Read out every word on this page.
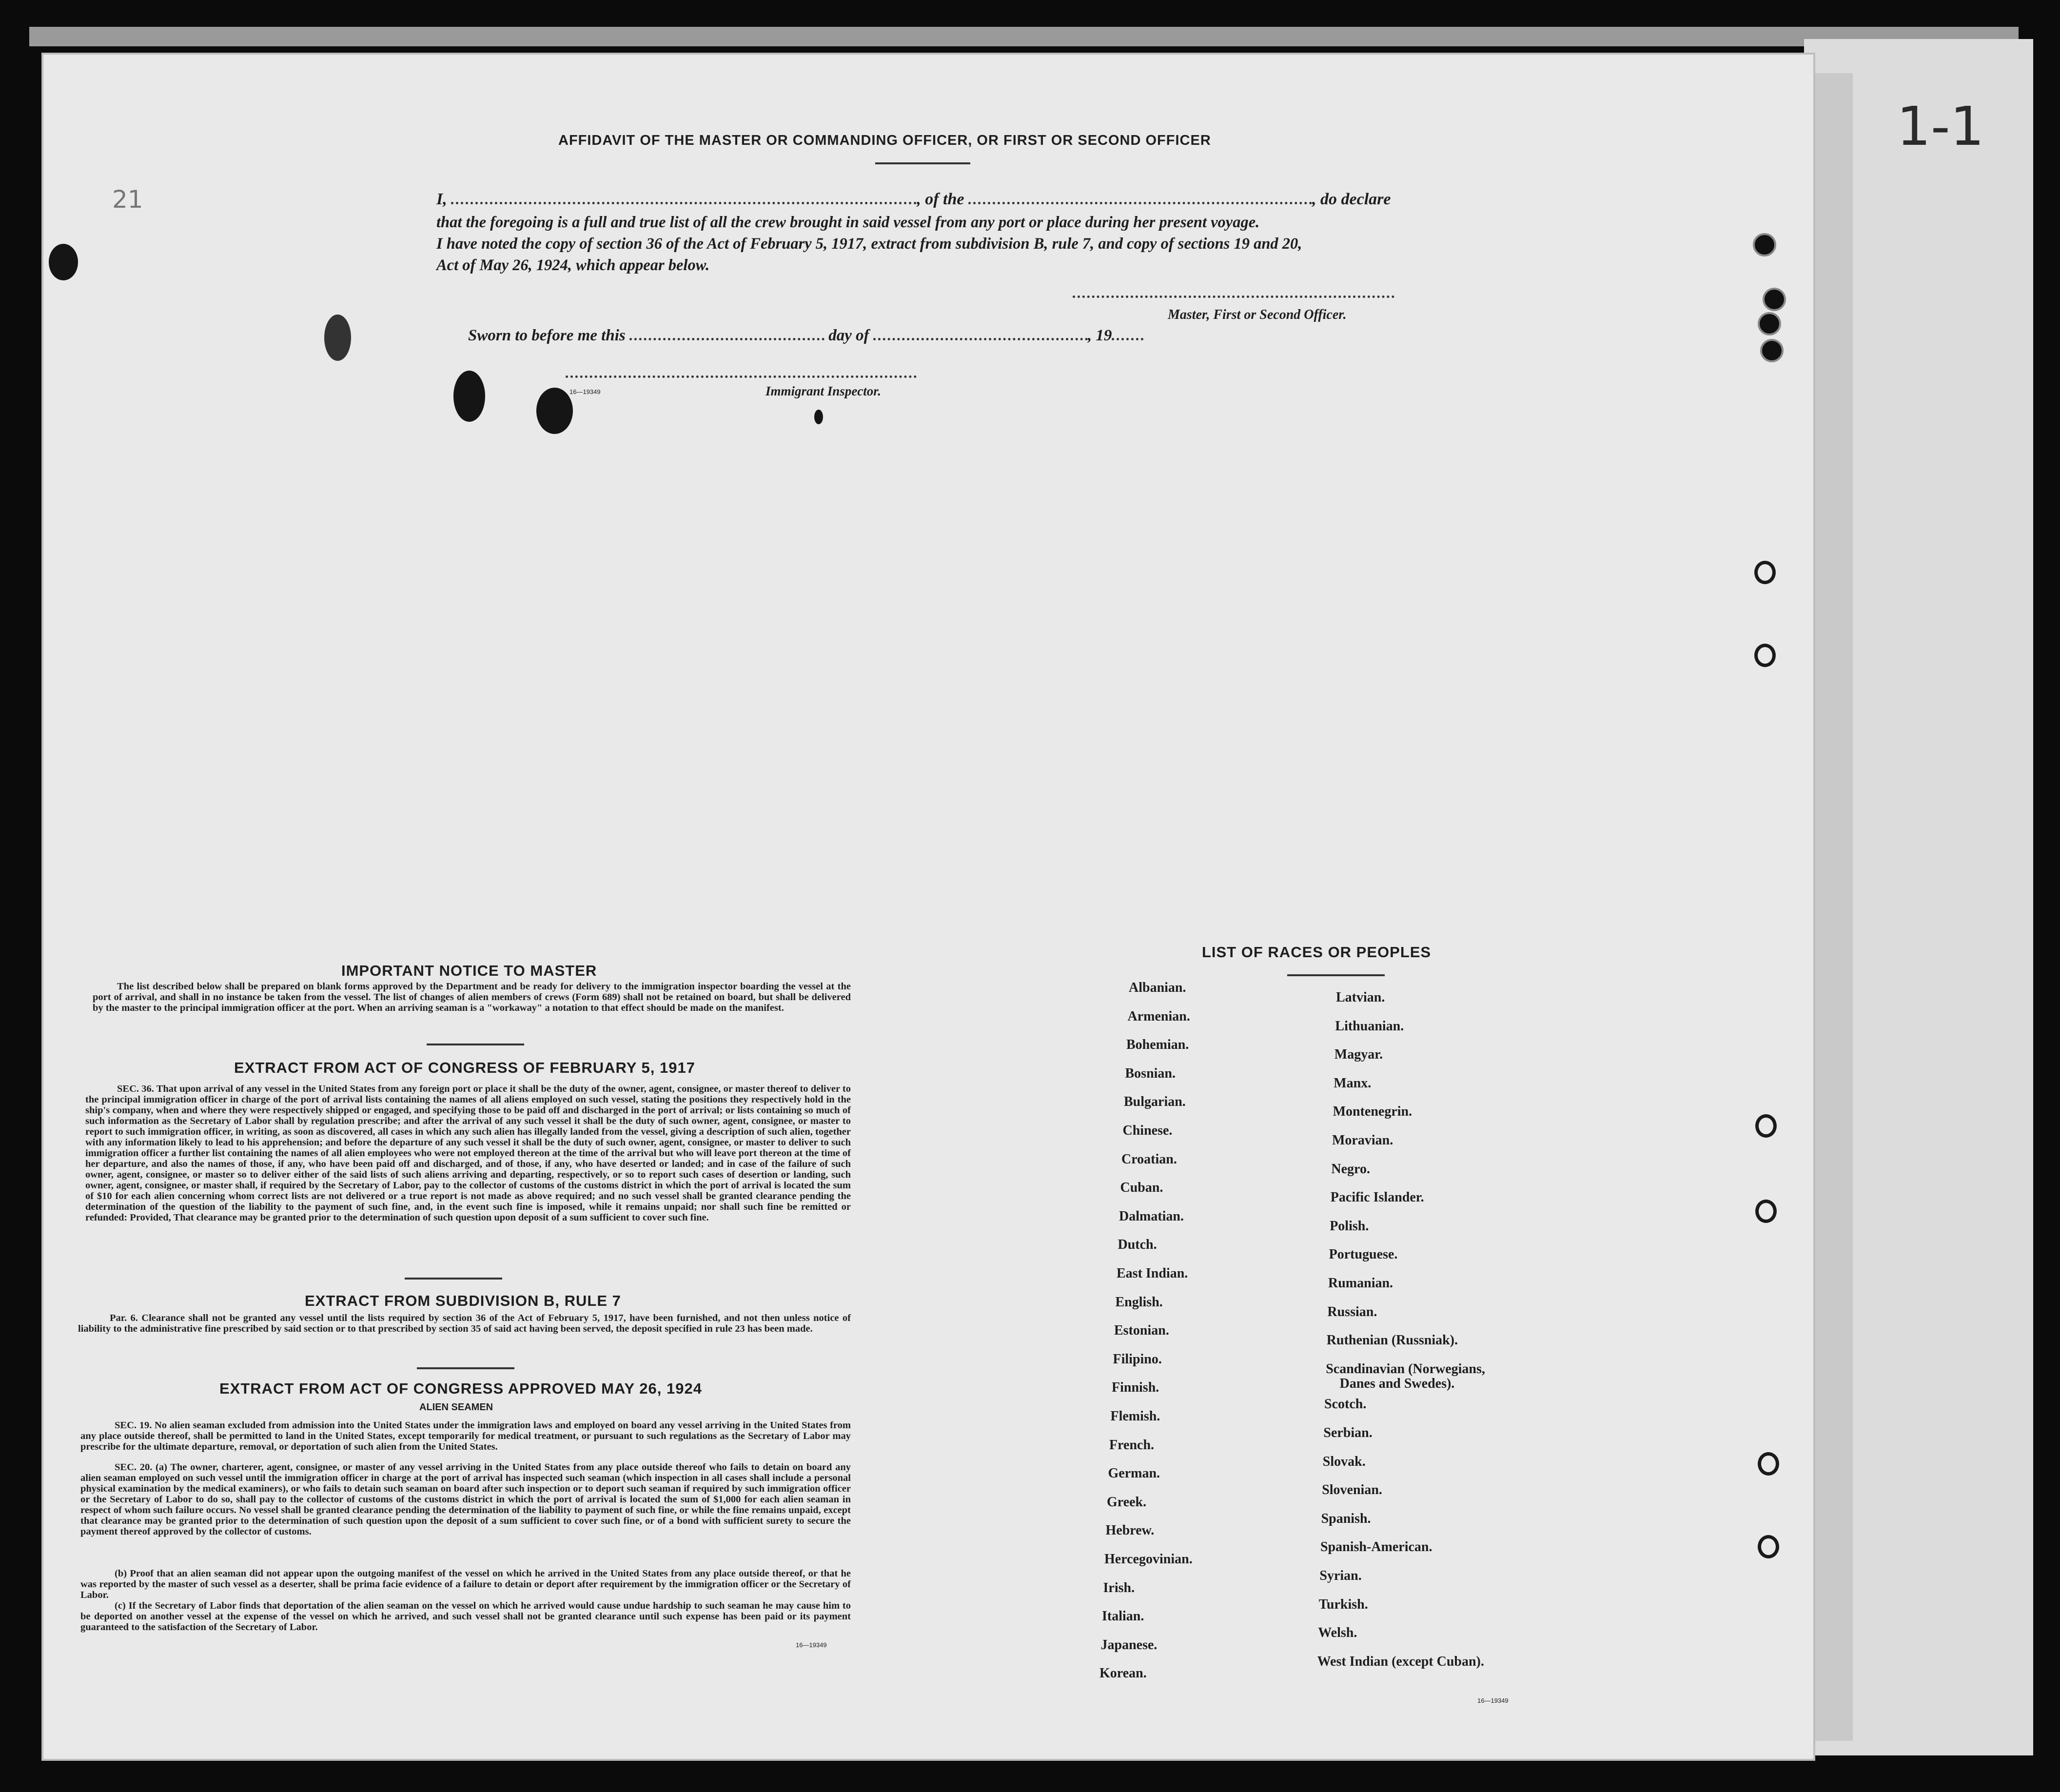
1-1
21
AFFIDAVIT OF THE MASTER OR COMMANDING OFFICER, OR FIRST OR SECOND OFFICER
I,	, of the	, do declare
that the foregoing is a full and true list of all the crew brought in said vessel from any port or place during her present voyage.
I have noted the copy of section 36 of the Act of February 5, 1917, extract from subdivision B, rule 7, and copy of sections 19 and 20,
Act of May 26, 1924, which appear below.
Master, First or Second Officer.
Sworn to before me this	day of	, 19
16—19349	Immigrant Inspector.
IMPORTANT NOTICE TO MASTER
The list described below shall be prepared on blank forms approved by the Department and be ready for delivery to the immigration inspector boarding the vessel at the port of arrival, and shall in no instance be taken from the vessel. The list of changes of alien members of crews (Form 689) shall not be retained on board, but shall be delivered by the master to the principal immigration officer at the port. When an arriving seaman is a "workaway" a notation to that effect should be made on the manifest.
EXTRACT FROM ACT OF CONGRESS OF FEBRUARY 5, 1917
SEC. 36. That upon arrival of any vessel in the United States from any foreign port or place it shall be the duty of the owner, agent, consignee, or master thereof to deliver to the principal immigration officer in charge of the port of arrival lists containing the names of all aliens employed on such vessel, stating the positions they respectively hold in the ship's company, when and where they were respectively shipped or engaged, and specifying those to be paid off and discharged in the port of arrival; or lists containing so much of such information as the Secretary of Labor shall by regulation prescribe; and after the arrival of any such vessel it shall be the duty of such owner, agent, consignee, or master to report to such immigration officer, in writing, as soon as discovered, all cases in which any such alien has illegally landed from the vessel, giving a description of such alien, together with any information likely to lead to his apprehension; and before the departure of any such vessel it shall be the duty of such owner, agent, consignee, or master to deliver to such immigration officer a further list containing the names of all alien employees who were not employed thereon at the time of the arrival but who will leave port thereon at the time of her departure, and also the names of those, if any, who have been paid off and discharged, and of those, if any, who have deserted or landed; and in case of the failure of such owner, agent, consignee, or master so to deliver either of the said lists of such aliens arriving and departing, respectively, or so to report such cases of desertion or landing, such owner, agent, consignee, or master shall, if required by the Secretary of Labor, pay to the collector of customs of the customs district in which the port of arrival is located the sum of $10 for each alien concerning whom correct lists are not delivered or a true report is not made as above required; and no such vessel shall be granted clearance pending the determination of the question of the liability to the payment of such fine, and, in the event such fine is imposed, while it remains unpaid; nor shall such fine be remitted or refunded: Provided, That clearance may be granted prior to the determination of such question upon deposit of a sum sufficient to cover such fine.
EXTRACT FROM SUBDIVISION B, RULE 7
Par. 6. Clearance shall not be granted any vessel until the lists required by section 36 of the Act of February 5, 1917, have been furnished, and not then unless notice of liability to the administrative fine prescribed by said section or to that prescribed by section 35 of said act having been served, the deposit specified in rule 23 has been made.
EXTRACT FROM ACT OF CONGRESS APPROVED MAY 26, 1924
ALIEN SEAMEN
SEC. 19. No alien seaman excluded from admission into the United States under the immigration laws and employed on board any vessel arriving in the United States from any place outside thereof, shall be permitted to land in the United States, except temporarily for medical treatment, or pursuant to such regulations as the Secretary of Labor may prescribe for the ultimate departure, removal, or deportation of such alien from the United States.
SEC. 20. (a) The owner, charterer, agent, consignee, or master of any vessel arriving in the United States from any place outside thereof who fails to detain on board any alien seaman employed on such vessel until the immigration officer in charge at the port of arrival has inspected such seaman (which inspection in all cases shall include a personal physical examination by the medical examiners), or who fails to detain such seaman on board after such inspection or to deport such seaman if required by such immigration officer or the Secretary of Labor to do so, shall pay to the collector of customs of the customs district in which the port of arrival is located the sum of $1,000 for each alien seaman in respect of whom such failure occurs. No vessel shall be granted clearance pending the determination of the liability to payment of such fine, or while the fine remains unpaid, except that clearance may be granted prior to the determination of such question upon the deposit of a sum sufficient to cover such fine, or of a bond with sufficient surety to secure the payment thereof approved by the collector of customs.
(b) Proof that an alien seaman did not appear upon the outgoing manifest of the vessel on which he arrived in the United States from any place outside thereof, or that he was reported by the master of such vessel as a deserter, shall be prima facie evidence of a failure to detain or deport after requirement by the immigration officer or the Secretary of Labor.
(c) If the Secretary of Labor finds that deportation of the alien seaman on the vessel on which he arrived would cause undue hardship to such seaman he may cause him to be deported on another vessel at the expense of the vessel on which he arrived, and such vessel shall not be granted clearance until such expense has been paid or its payment guaranteed to the satisfaction of the Secretary of Labor.
16—19349
LIST OF RACES OR PEOPLES
Albanian.
Armenian.
Bohemian.
Bosnian.
Bulgarian.
Chinese.
Croatian.
Cuban.
Dalmatian.
Dutch.
East Indian.
English.
Estonian.
Filipino.
Finnish.
Flemish.
French.
German.
Greek.
Hebrew.
Hercegovinian.
Irish.
Italian.
Japanese.
Korean.
Latvian.
Lithuanian.
Magyar.
Manx.
Montenegrin.
Moravian.
Negro.
Pacific Islander.
Polish.
Portuguese.
Rumanian.
Russian.
Ruthenian (Russniak).
Scandinavian (Norwegians,
Danes and Swedes).
Scotch.
Serbian.
Slovak.
Slovenian.
Spanish.
Spanish-American.
Syrian.
Turkish.
Welsh.
West Indian (except Cuban).
16—19349
